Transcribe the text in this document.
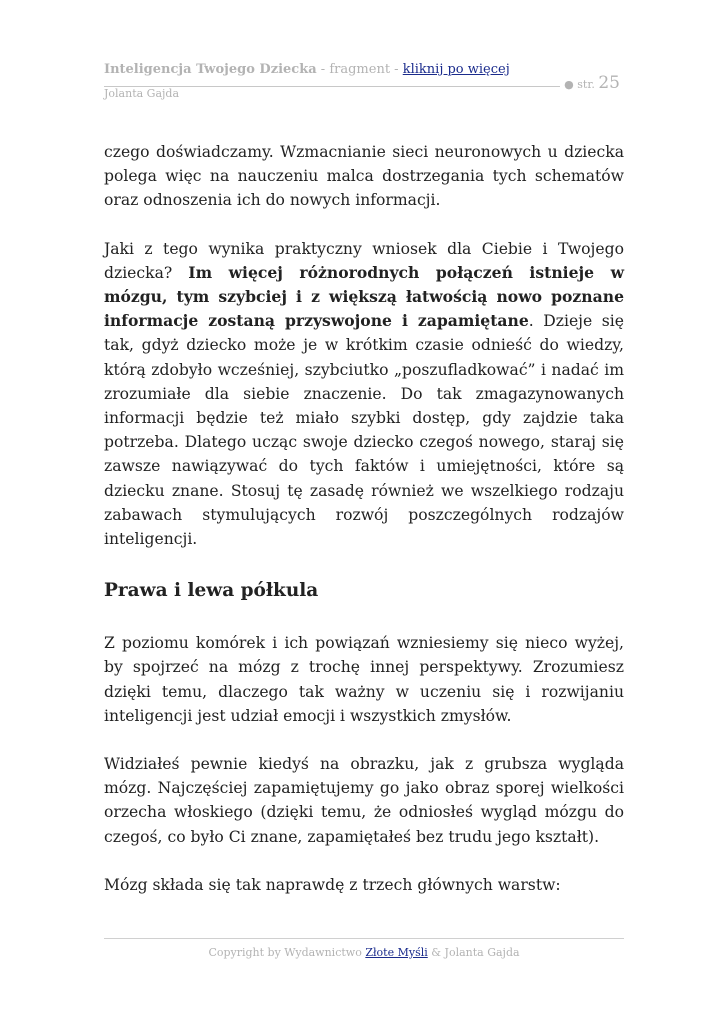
Inteligencja Twojego Dziecka - fragment - kliknij po więcej
Jolanta Gajda
● str. 25

czego doświadczamy. Wzmacnianie sieci neuronowych u dziecka polega więc na nauczeniu malca dostrzegania tych schematów oraz odnoszenia ich do nowych informacji.

Jaki z tego wynika praktyczny wniosek dla Ciebie i Twojego dziecka? Im więcej różnorodnych połączeń istnieje w mózgu, tym szybciej i z większą łatwością nowo poznane informacje zostaną przyswojone i zapamiętane. Dzieje się tak, gdyż dziecko może je w krótkim czasie odnieść do wiedzy, którą zdobyło wcześniej, szybciutko „poszufladkować” i nadać im zrozumiałe dla siebie znaczenie. Do tak zmagazynowanych informacji będzie też miało szybki dostęp, gdy zajdzie taka potrzeba. Dlatego ucząc swoje dziecko czegoś nowego, staraj się zawsze nawiązywać do tych faktów i umiejętności, które są dziecku znane. Stosuj tę zasadę również we wszelkiego rodzaju zabawach stymulujących rozwój poszczególnych rodzajów inteligencji.

Prawa i lewa półkula

Z poziomu komórek i ich powiązań wzniesiemy się nieco wyżej, by spojrzeć na mózg z trochę innej perspektywy. Zrozumiesz dzięki temu, dlaczego tak ważny w uczeniu się i rozwijaniu inteligencji jest udział emocji i wszystkich zmysłów.

Widziałeś pewnie kiedyś na obrazku, jak z grubsza wygląda mózg. Najczęściej zapamiętujemy go jako obraz sporej wielkości orzecha włoskiego (dzięki temu, że odniosłeś wygląd mózgu do czegoś, co było Ci znane, zapamiętałeś bez trudu jego kształt).

Mózg składa się tak naprawdę z trzech głównych warstw:

Copyright by Wydawnictwo Złote Myśli & Jolanta Gajda
